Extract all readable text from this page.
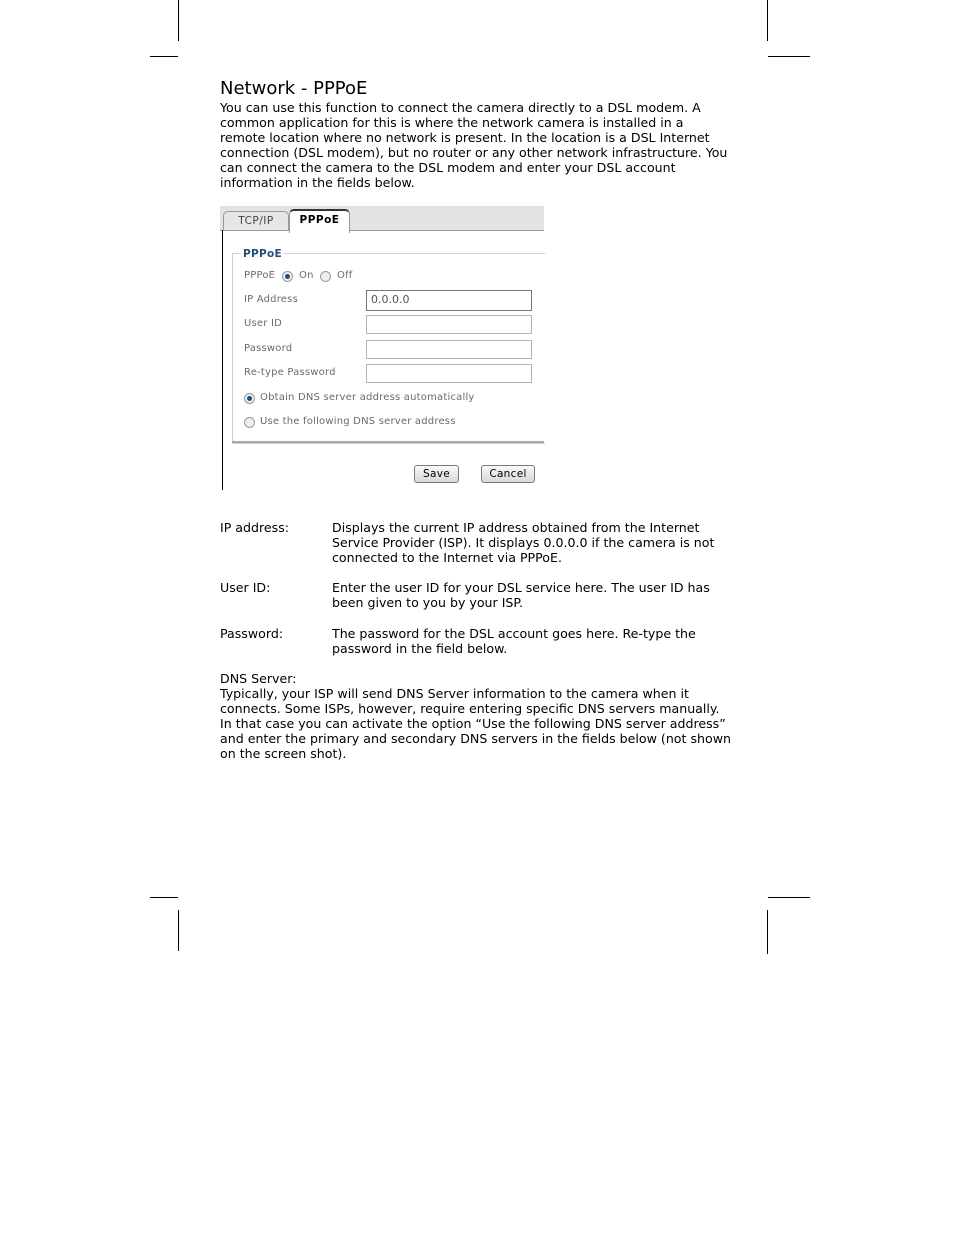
Network - PPPoE

You can use this function to connect the camera directly to a DSL modem. A common application for this is where the network camera is installed in a remote location where no network is present. In the location is a DSL Internet connection (DSL modem), but no router or any other network infrastructure. You can connect the camera to the DSL modem and enter your DSL account information in the fields below.

TCP/IP	PPPoE
PPPoE
PPPoE On Off
IP Address	0.0.0.0
User ID
Password
Re-type Password
Obtain DNS server address automatically
Use the following DNS server address
Save	Cancel
IP address:	Displays the current IP address obtained from the Internet Service Provider (ISP). It displays 0.0.0.0 if the camera is not connected to the Internet via PPPoE.
User ID:	Enter the user ID for your DSL service here. The user ID has been given to you by your ISP.
Password:	The password for the DSL account goes here. Re-type the password in the field below.
DNS Server:

Typically, your ISP will send DNS Server information to the camera when it connects. Some ISPs, however, require entering specific DNS servers manually. In that case you can activate the option “Use the following DNS server address” and enter the primary and secondary DNS servers in the fields below (not shown on the screen shot).
